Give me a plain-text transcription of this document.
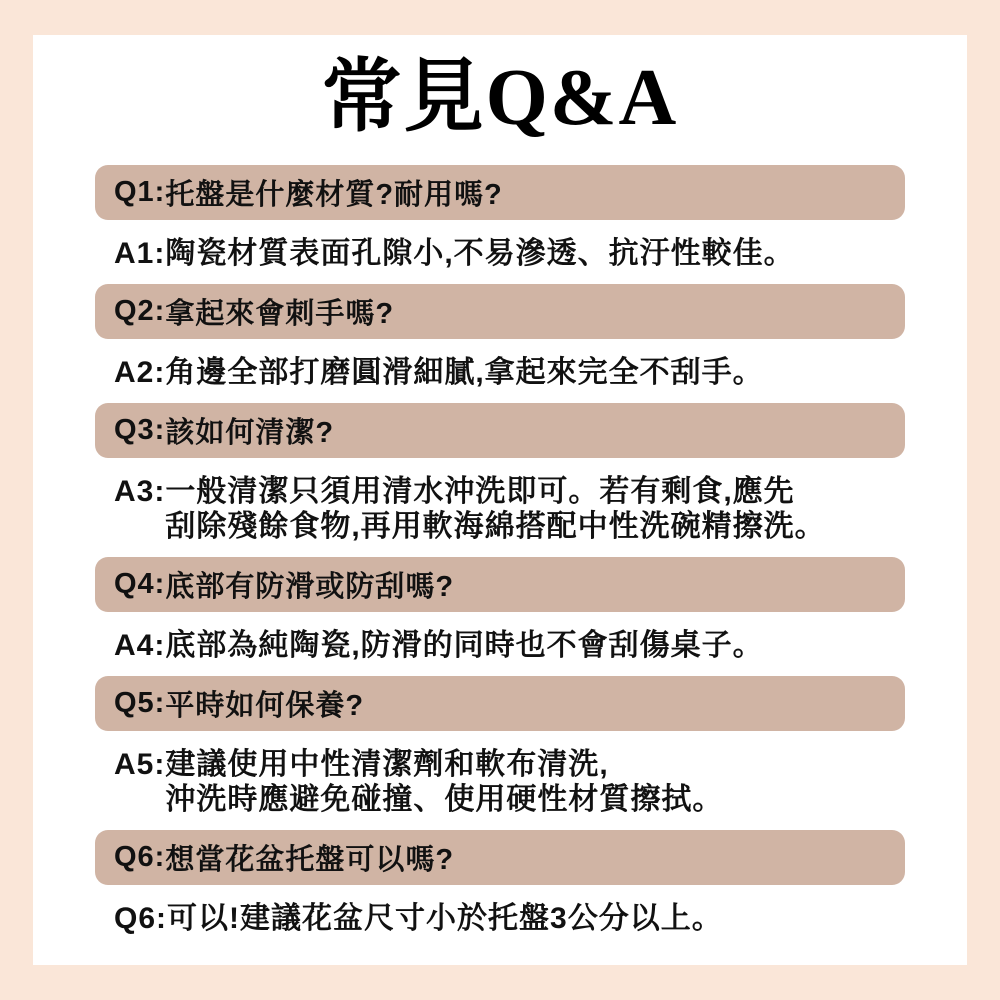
常見Q&A
Q1: 托盤是什麼材質?耐用嗎?
A1: 陶瓷材質表面孔隙小,不易滲透、抗汙性較佳。
Q2: 拿起來會刺手嗎?
A2: 角邊全部打磨圓滑細膩,拿起來完全不刮手。
Q3: 該如何清潔?
A3: 一般清潔只須用清水沖洗即可。若有剩食,應先
刮除殘餘食物,再用軟海綿搭配中性洗碗精擦洗。
Q4: 底部有防滑或防刮嗎?
A4: 底部為純陶瓷,防滑的同時也不會刮傷桌子。
Q5: 平時如何保養?
A5: 建議使用中性清潔劑和軟布清洗,
沖洗時應避免碰撞、使用硬性材質擦拭。
Q6: 想當花盆托盤可以嗎?
Q6: 可以!建議花盆尺寸小於托盤3公分以上。
